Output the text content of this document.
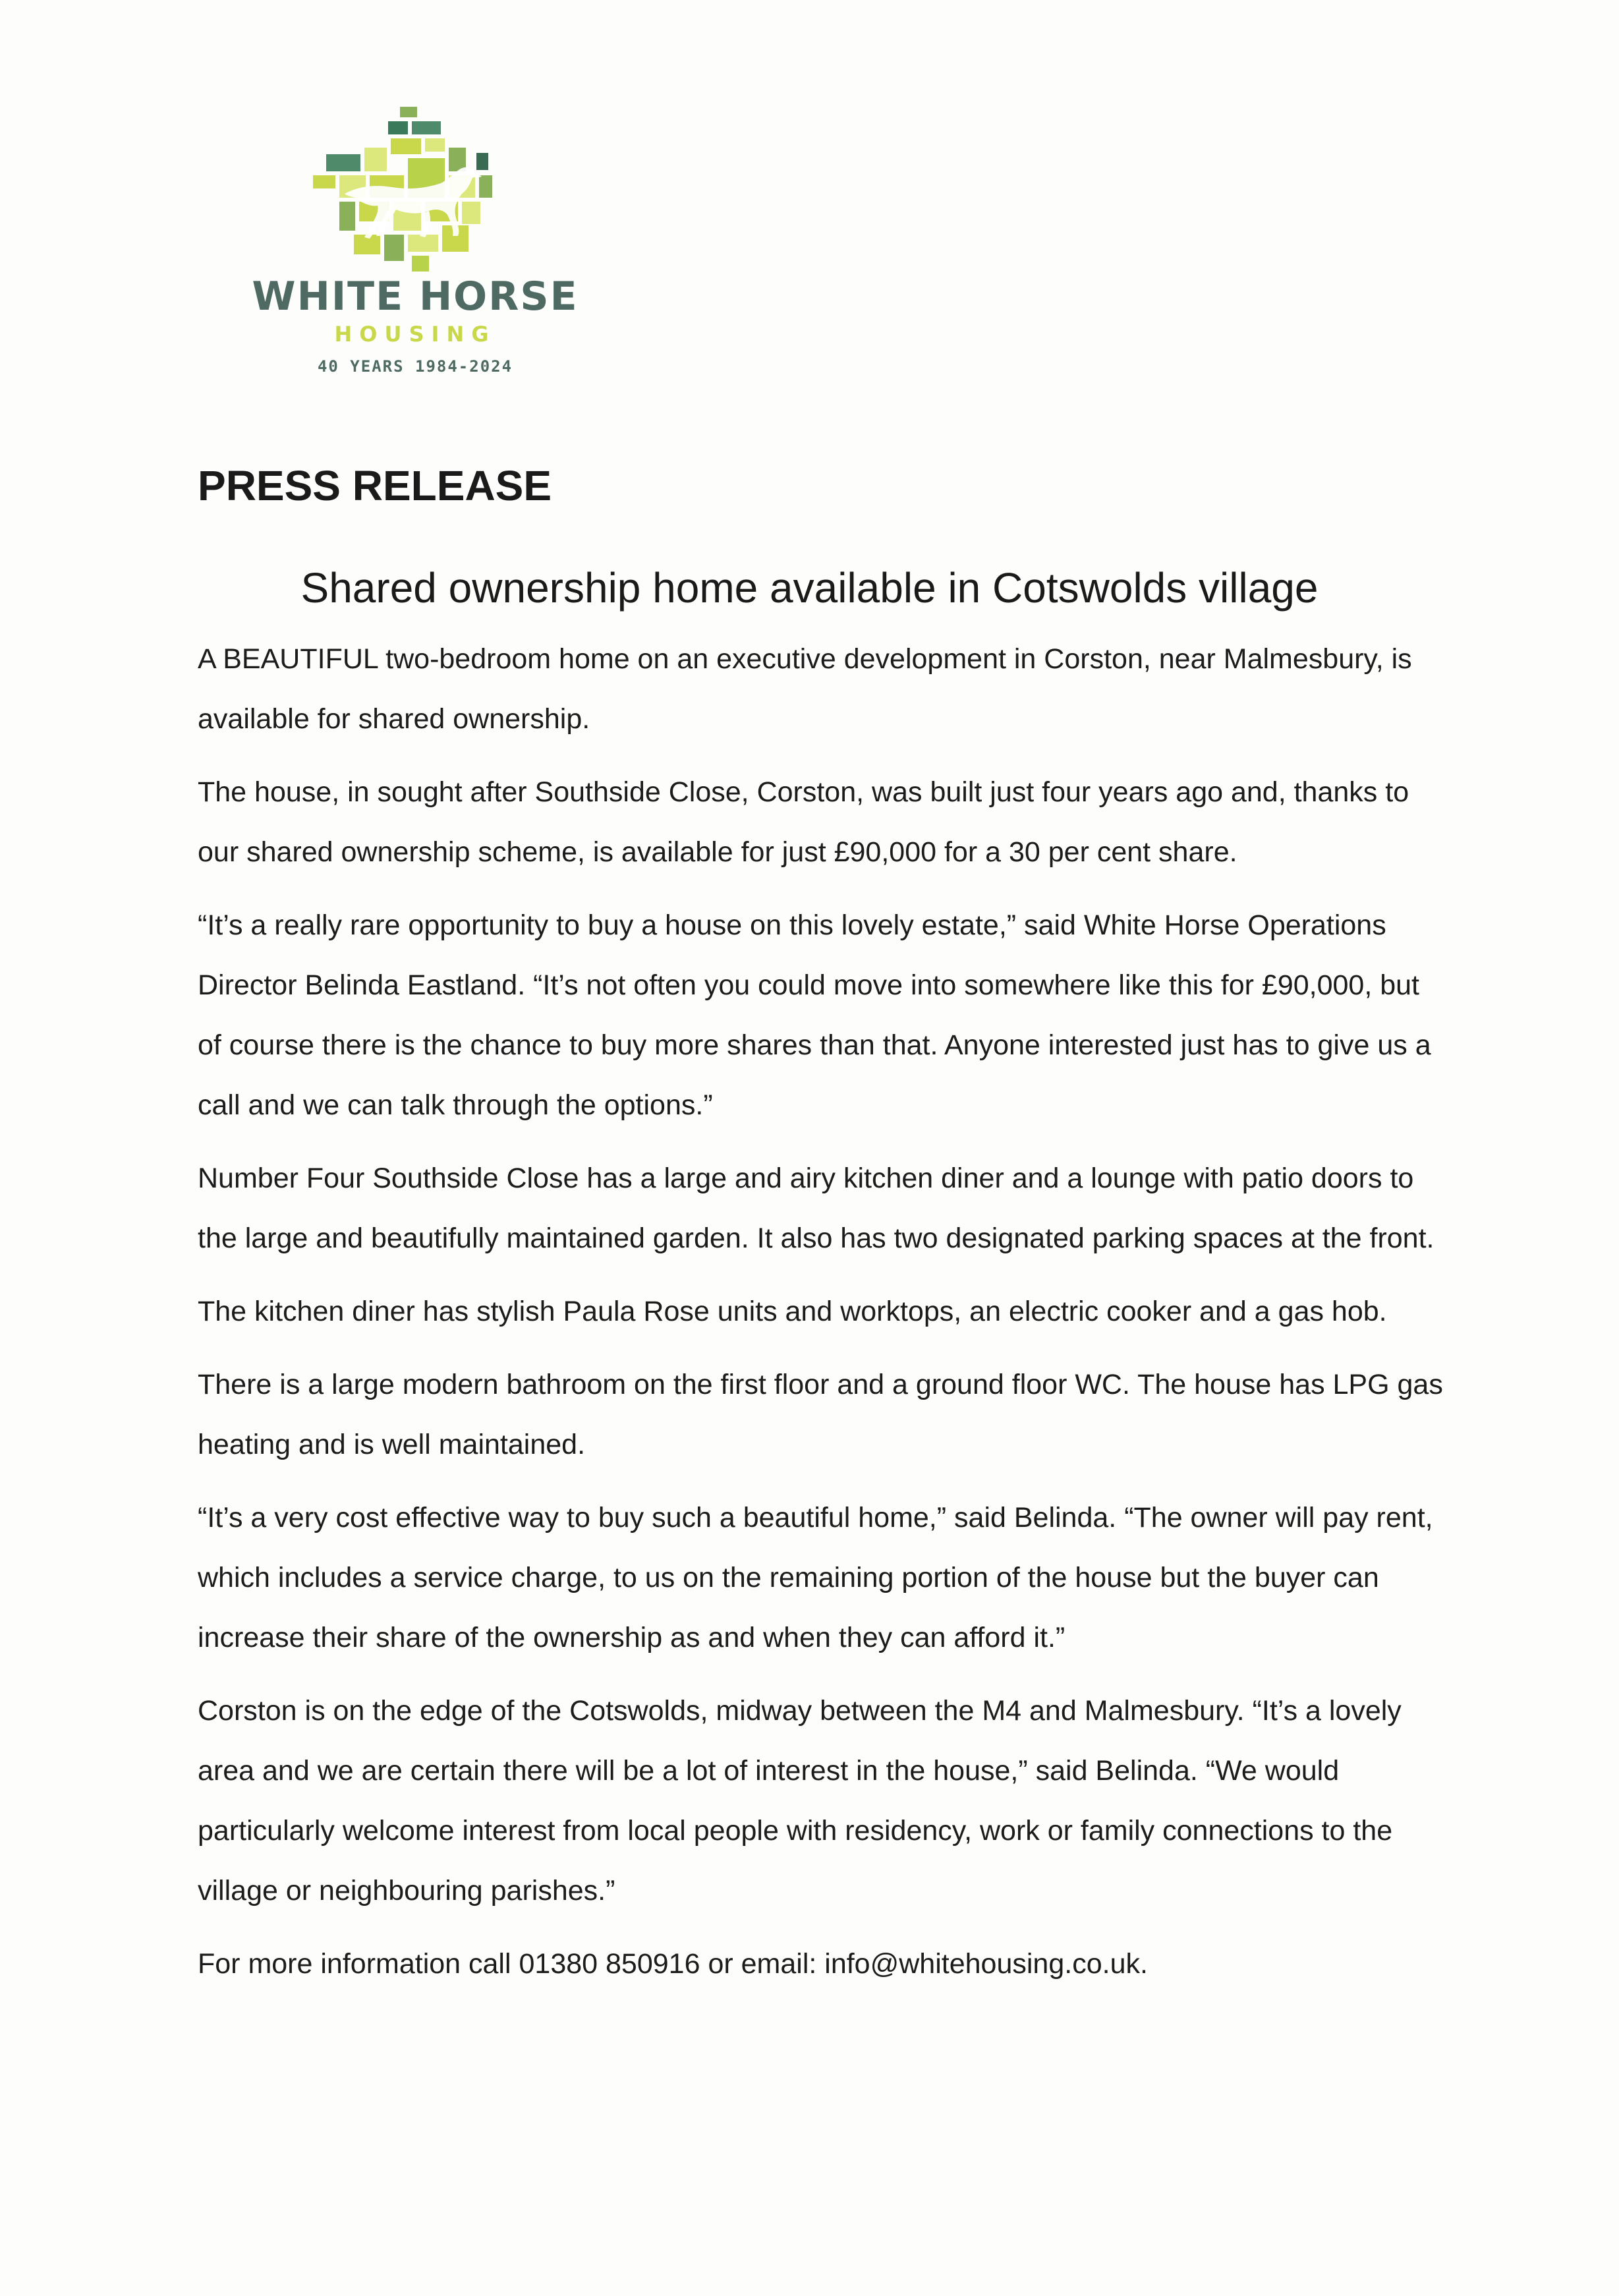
WHITE HORSE
HOUSING
40 YEARS 1984-2024
PRESS RELEASE
Shared ownership home available in Cotswolds village

A BEAUTIFUL two-bedroom home on an executive development in Corston, near Malmesbury, is available for shared ownership.

The house, in sought after Southside Close, Corston, was built just four years ago and, thanks to our shared ownership scheme, is available for just £90,000 for a 30 per cent share.

“It’s a really rare opportunity to buy a house on this lovely estate,” said White Horse Operations Director Belinda Eastland. “It’s not often you could move into somewhere like this for £90,000, but of course there is the chance to buy more shares than that. Anyone interested just has to give us a call and we can talk through the options.”

Number Four Southside Close has a large and airy kitchen diner and a lounge with patio doors to the large and beautifully maintained garden. It also has two designated parking spaces at the front.

The kitchen diner has stylish Paula Rose units and worktops, an electric cooker and a gas hob.

There is a large modern bathroom on the first floor and a ground floor WC. The house has LPG gas heating and is well maintained.

“It’s a very cost effective way to buy such a beautiful home,” said Belinda. “The owner will pay rent, which includes a service charge, to us on the remaining portion of the house but the buyer can increase their share of the ownership as and when they can afford it.”

Corston is on the edge of the Cotswolds, midway between the M4 and Malmesbury. “It’s a lovely area and we are certain there will be a lot of interest in the house,” said Belinda. “We would particularly welcome interest from local people with residency, work or family connections to the village or neighbouring parishes.”

For more information call 01380 850916 or email: info@whitehousing.co.uk.
